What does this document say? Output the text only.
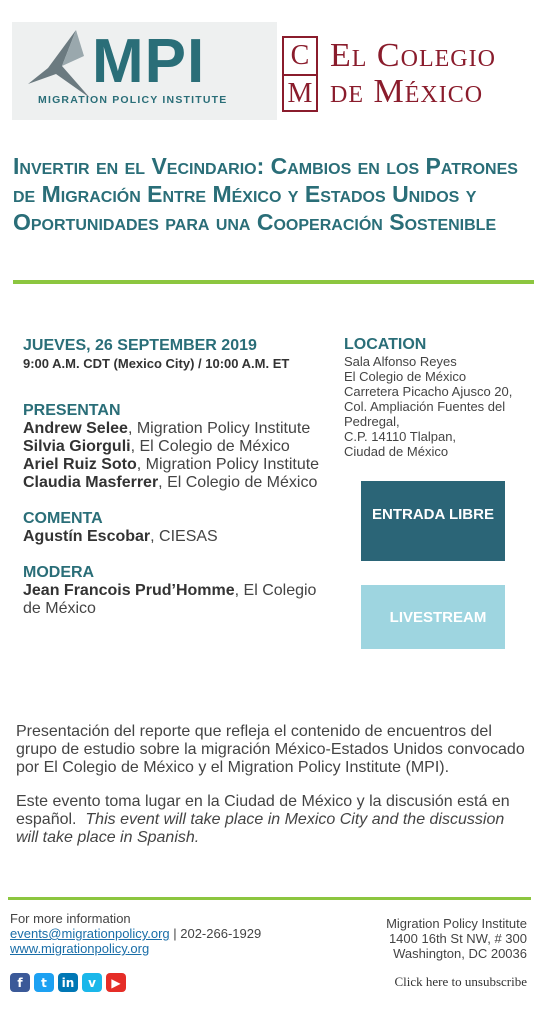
MPI
MIGRATION POLICY INSTITUTE
C
M
El Colegio
de México
Invertir en el Vecindario: Cambios en los Patrones de Migración Entre México y Estados Unidos y Oportunidades para una Cooperación Sostenible
JUEVES, 26 SEPTEMBER 2019
9:00 A.M. CDT (Mexico City) / 10:00 A.M. ET
PRESENTAN
Andrew Selee, Migration Policy Institute
Silvia Giorguli, El Colegio de México
Ariel Ruiz Soto, Migration Policy Institute
Claudia Masferrer, El Colegio de México
COMENTA
Agustín Escobar, CIESAS
MODERA
Jean Francois Prud’Homme, El Colegio de México
LOCATION
Sala Alfonso Reyes
El Colegio de México
Carretera Picacho Ajusco 20,
Col. Ampliación Fuentes del Pedregal,
C.P. 14110 Tlalpan,
Ciudad de México
ENTRADA LIBRE
LIVESTREAM

Presentación del reporte que refleja el contenido de encuentros del grupo de estudio sobre la migración México-Estados Unidos convocado por El Colegio de México y el Migration Policy Institute (MPI).

Este evento toma lugar en la Ciudad de México y la discusión está en español. This event will take place in Mexico City and the discussion will take place in Spanish.

For more information
events@migrationpolicy.org | 202-266-1929
www.migrationpolicy.org
Migration Policy Institute
1400 16th St NW, # 300
Washington, DC 20036
f	t	in	v	▶	Click here to unsubscribe
